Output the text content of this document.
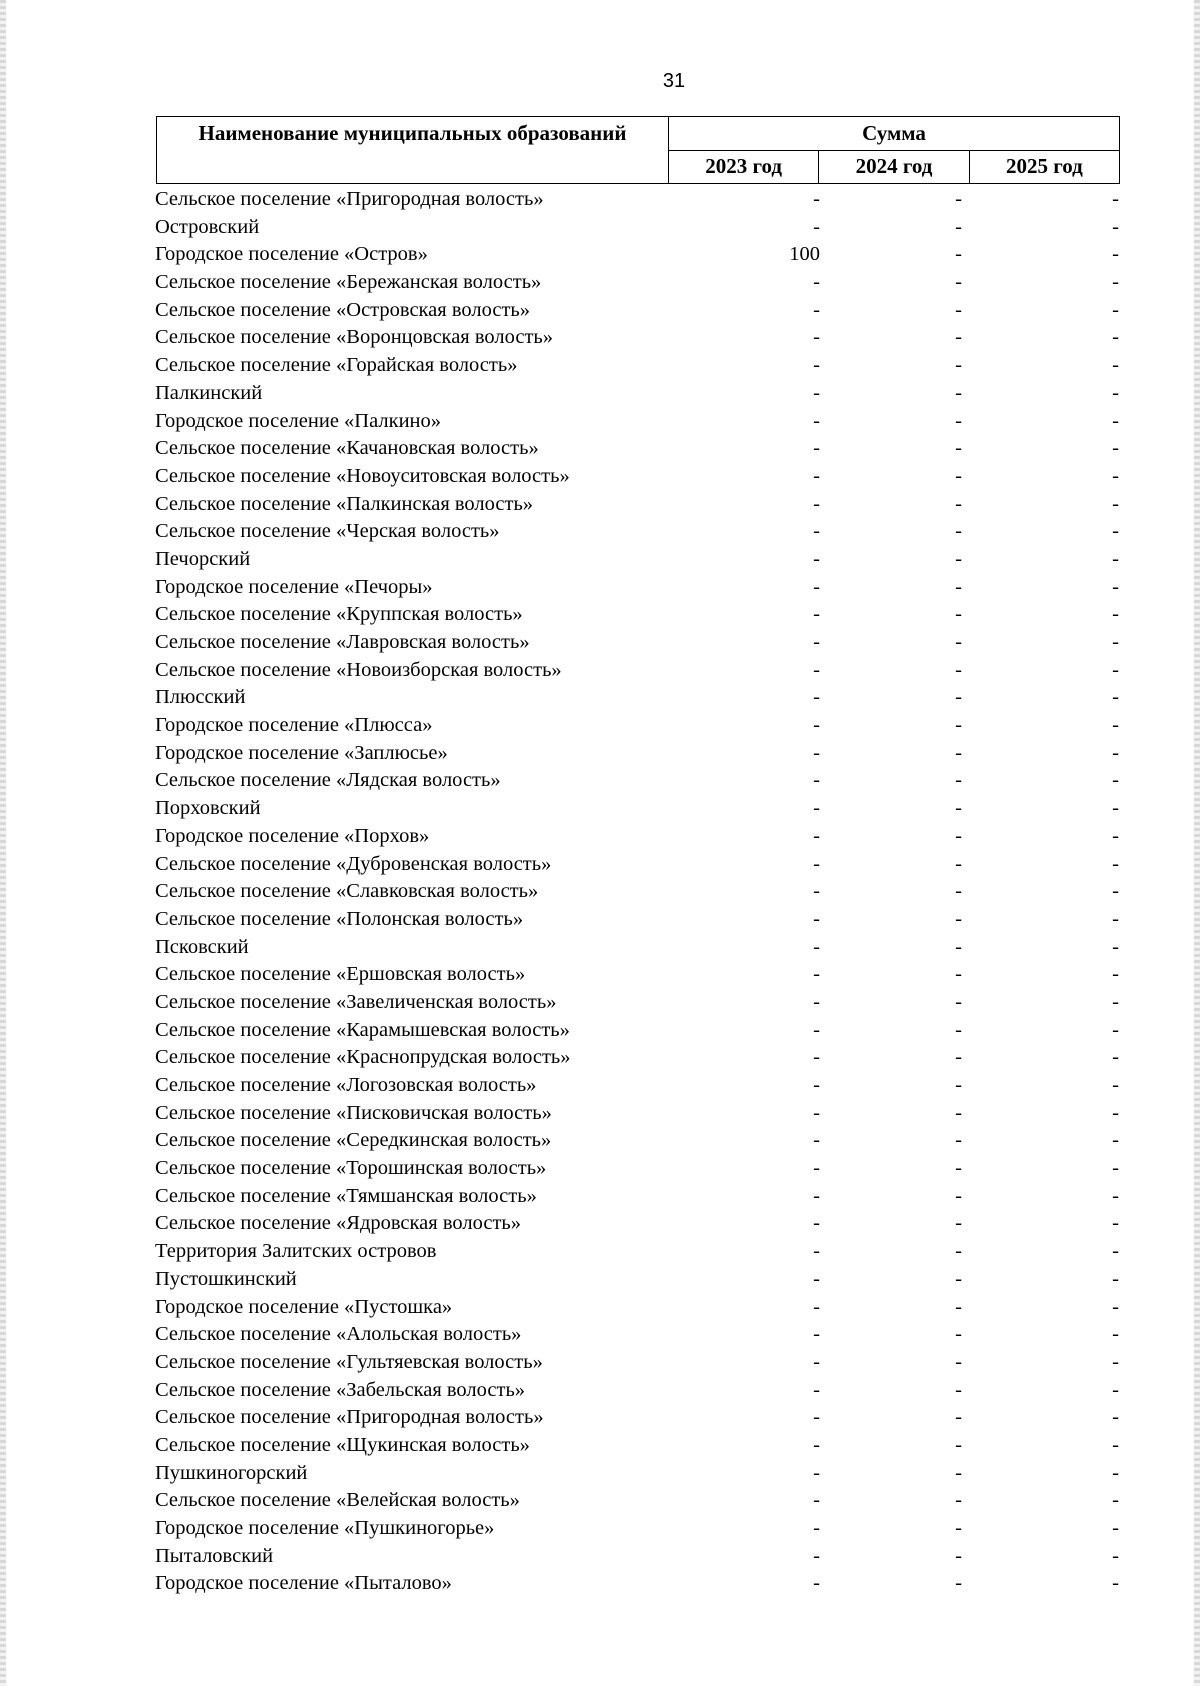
31
Наименование муниципальных образований	Сумма		
	2023 год	2024 год	2025 год
Сельское поселение «Пригородная волость»	-	-	-
Островский	-	-	-
Городское поселение «Остров»	100	-	-
Сельское поселение «Бережанская волость»	-	-	-
Сельское поселение «Островская волость»	-	-	-
Сельское поселение «Воронцовская волость»	-	-	-
Сельское поселение «Горайская волость»	-	-	-
Палкинский	-	-	-
Городское поселение «Палкино»	-	-	-
Сельское поселение «Качановская волость»	-	-	-
Сельское поселение «Новоуситовская волость»	-	-	-
Сельское поселение «Палкинская волость»	-	-	-
Сельское поселение «Черская волость»	-	-	-
Печорский	-	-	-
Городское поселение «Печоры»	-	-	-
Сельское поселение «Круппская волость»	-	-	-
Сельское поселение «Лавровская волость»	-	-	-
Сельское поселение «Новоизборская волость»	-	-	-
Плюсский	-	-	-
Городское поселение «Плюсса»	-	-	-
Городское поселение «Заплюсье»	-	-	-
Сельское поселение «Лядская волость»	-	-	-
Порховский	-	-	-
Городское поселение «Порхов»	-	-	-
Сельское поселение «Дубровенская волость»	-	-	-
Сельское поселение «Славковская волость»	-	-	-
Сельское поселение «Полонская волость»	-	-	-
Псковский	-	-	-
Сельское поселение «Ершовская волость»	-	-	-
Сельское поселение «Завеличенская волость»	-	-	-
Сельское поселение «Карамышевская волость»	-	-	-
Сельское поселение «Краснопрудская волость»	-	-	-
Сельское поселение «Логозовская волость»	-	-	-
Сельское поселение «Писковичская волость»	-	-	-
Сельское поселение «Середкинская волость»	-	-	-
Сельское поселение «Торошинская волость»	-	-	-
Сельское поселение «Тямшанская волость»	-	-	-
Сельское поселение «Ядровская волость»	-	-	-
Территория Залитских островов	-	-	-
Пустошкинский	-	-	-
Городское поселение «Пустошка»	-	-	-
Сельское поселение «Алольская волость»	-	-	-
Сельское поселение «Гультяевская волость»	-	-	-
Сельское поселение «Забельская волость»	-	-	-
Сельское поселение «Пригородная волость»	-	-	-
Сельское поселение «Щукинская волость»	-	-	-
Пушкиногорский	-	-	-
Сельское поселение «Велейская волость»	-	-	-
Городское поселение «Пушкиногорье»	-	-	-
Пыталовский	-	-	-
Городское поселение «Пыталово»	-	-	-
